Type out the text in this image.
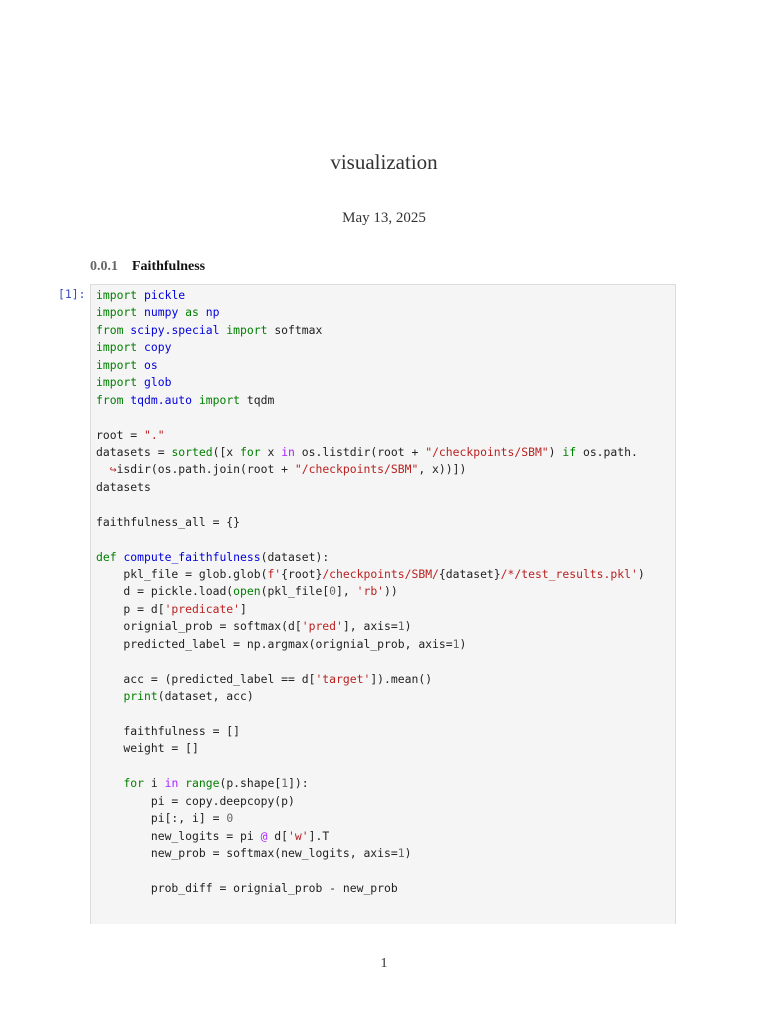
visualization
May 13, 2025
0.0.1 Faithfulness
[1]: import pickle
import numpy as np
from scipy.special import softmax
import copy
import os
import glob
from tqdm.auto import tqdm
root = "."
datasets = sorted([x for x in os.listdir(root + "/checkpoints/SBM") if os.path.
↪isdir(os.path.join(root + "/checkpoints/SBM", x))])
datasets
faithfulness_all = {}
def compute_faithfulness(dataset):
pkl_file = glob.glob(f'{root}/checkpoints/SBM/{dataset}/*/test_results.pkl')
d = pickle.load(open(pkl_file[0], 'rb'))
p = d['predicate']
orignial_prob = softmax(d['pred'], axis=1)
predicted_label = np.argmax(orignial_prob, axis=1)
acc = (predicted_label == d['target']).mean()
print(dataset, acc)
faithfulness = []
weight = []
for i in range(p.shape[1]):
pi = copy.deepcopy(p)
pi[:, i] = 0
new_logits = pi @ d['w'].T
new_prob = softmax(new_logits, axis=1)
prob_diff = orignial_prob - new_prob
1
